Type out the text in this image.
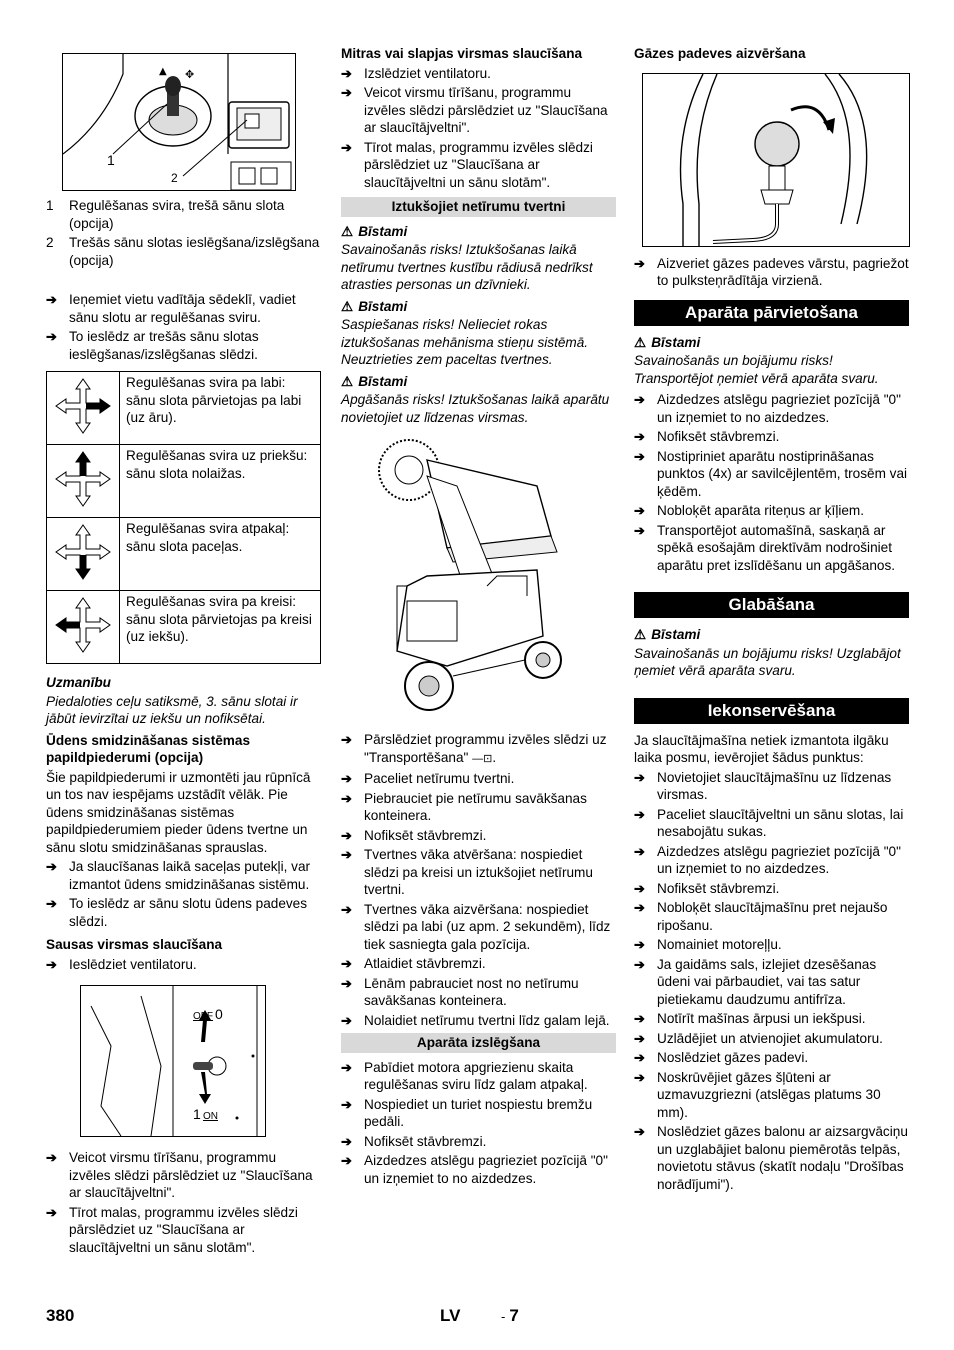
▲ ✥
1
2
1 Regulēšanas svira, trešā sānu slota (opcija)
2 Trešās sānu slotas ieslēgšana/izslēgšana (opcija)
➔ Ieņemiet vietu vadītāja sēdeklī, vadiet sānu slotu ar regulēšanas sviru.
➔ To ieslēdz ar trešās sānu slotas ieslēgšanas/izslēgšanas slēdzi.
	Regulēšanas svira pa labi: sānu slota pārvietojas pa labi (uz āru).
	Regulēšanas svira uz priekšu: sānu slota nolaižas.
	Regulēšanas svira atpakaļ: sānu slota paceļas.
	Regulēšanas svira pa kreisi: sānu slota pārvietojas pa kreisi (uz iekšu).

Uzmanību

Piedaloties ceļu satiksmē, 3. sānu slotai ir jābūt ievirzītai uz iekšu un nofiksētai.

Ūdens smidzināšanas sistēmas papildpiederumi (opcija)

Šie papildpiederumi ir uzmontēti jau rūpnīcā un tos nav iespējams uzstādīt vēlāk. Pie ūdens smidzināšanas sistēmas papildpiederumiem pieder ūdens tvertne un sānu slotu smidzināšanas sprauslas.

➔ Ja slaucīšanas laikā saceļas putekļi, var izmantot ūdens smidzināšanas sistēmu.
➔ To ieslēdz ar sānu slotu ūdens padeves slēdzi.

Sausas virsmas slaucīšana

➔ Ieslēdziet ventilatoru.
OFF 0
1 ON
➔ Veicot virsmu tīrīšanu, programmu izvēles slēdzi pārslēdziet uz "Slaucīšana ar slaucītājveltni".
➔ Tīrot malas, programmu izvēles slēdzi pārslēdziet uz "Slaucīšana ar slaucītājveltni un sānu slotām".

Mitras vai slapjas virsmas slaucīšana

➔ Izslēdziet ventilatoru.
➔ Veicot virsmu tīrīšanu, programmu izvēles slēdzi pārslēdziet uz "Slaucīšana ar slaucītājveltni".
➔ Tīrot malas, programmu izvēles slēdzi pārslēdziet uz "Slaucīšana ar slaucītājveltni un sānu slotām".
Iztukšojiet netīrumu tvertni

⚠ Bīstami

Savainošanās risks! Iztukšošanas laikā netīrumu tvertnes kustību rādiusā nedrīkst atrasties personas un dzīvnieki.

⚠ Bīstami

Saspiešanas risks! Nelieciet rokas iztukšošanas mehānisma stieņu sistēmā. Neuztrieties zem paceltas tvertnes.

⚠ Bīstami

Apgāšanās risks! Iztukšošanas laikā aparātu novietojiet uz līdzenas virsmas.

➔ Pārslēdziet programmu izvēles slēdzi uz "Transportēšana" —⊡.
➔ Paceliet netīrumu tvertni.
➔ Piebrauciet pie netīrumu savākšanas konteinera.
➔ Nofiksēt stāvbremzi.
➔ Tvertnes vāka atvēršana: nospiediet slēdzi pa kreisi un iztukšojiet netīrumu tvertni.
➔ Tvertnes vāka aizvēršana: nospiediet slēdzi pa labi (uz apm. 2 sekundēm), līdz tiek sasniegta gala pozīcija.
➔ Atlaidiet stāvbremzi.
➔ Lēnām pabrauciet nost no netīrumu savākšanas konteinera.
➔ Nolaidiet netīrumu tvertni līdz galam lejā.
Aparāta izslēgšana
➔ Pabīdiet motora apgriezienu skaita regulēšanas sviru līdz galam atpakaļ.
➔ Nospiediet un turiet nospiestu bremžu pedāli.
➔ Nofiksēt stāvbremzi.
➔ Aizdedzes atslēgu pagrieziet pozīcijā "0" un izņemiet to no aizdedzes.

Gāzes padeves aizvēršana

➔ Aizveriet gāzes padeves vārstu, pagriežot to pulksteņrādītāja virzienā.
Aparāta pārvietošana

⚠ Bīstami

Savainošanās un bojājumu risks! Transportējot ņemiet vērā aparāta svaru.

➔ Aizdedzes atslēgu pagrieziet pozīcijā "0" un izņemiet to no aizdedzes.
➔ Nofiksēt stāvbremzi.
➔ Nostipriniet aparātu nostiprināšanas punktos (4x) ar savilcējlentēm, trosēm vai ķēdēm.
➔ Nobloķēt aparāta riteņus ar ķīļiem.
➔ Transportējot automašīnā, saskaņā ar spēkā esošajām direktīvām nodrošiniet aparātu pret izslīdēšanu un apgāšanos.
Glabāšana

⚠ Bīstami

Savainošanās un bojājumu risks! Uzglabājot ņemiet vērā aparāta svaru.

Iekonservēšana

Ja slaucītājmašīna netiek izmantota ilgāku laika posmu, ievērojiet šādus punktus:

➔ Novietojiet slaucītājmašīnu uz līdzenas virsmas.
➔ Paceliet slaucītājveltni un sānu slotas, lai nesabojātu sukas.
➔ Aizdedzes atslēgu pagrieziet pozīcijā "0" un izņemiet to no aizdedzes.
➔ Nofiksēt stāvbremzi.
➔ Nobloķēt slaucītājmašīnu pret nejaušo ripošanu.
➔ Nomainiet motoreļļu.
➔ Ja gaidāms sals, izlejiet dzesēšanas ūdeni vai pārbaudiet, vai tas satur pietiekamu daudzumu antifrīza.
➔ Notīrīt mašīnas ārpusi un iekšpusi.
➔ Uzlādējiet un atvienojiet akumulatoru.
➔ Noslēdziet gāzes padevi.
➔ Noskrūvējiet gāzes šļūteni ar uzmavuzgriezni (atslēgas platums 30 mm).
➔ Noslēdziet gāzes balonu ar aizsargvāciņu un uzglabājiet balonu piemērotās telpās, novietotu stāvus (skatīt nodaļu "Drošības norādījumi").
380	LV	- 7
